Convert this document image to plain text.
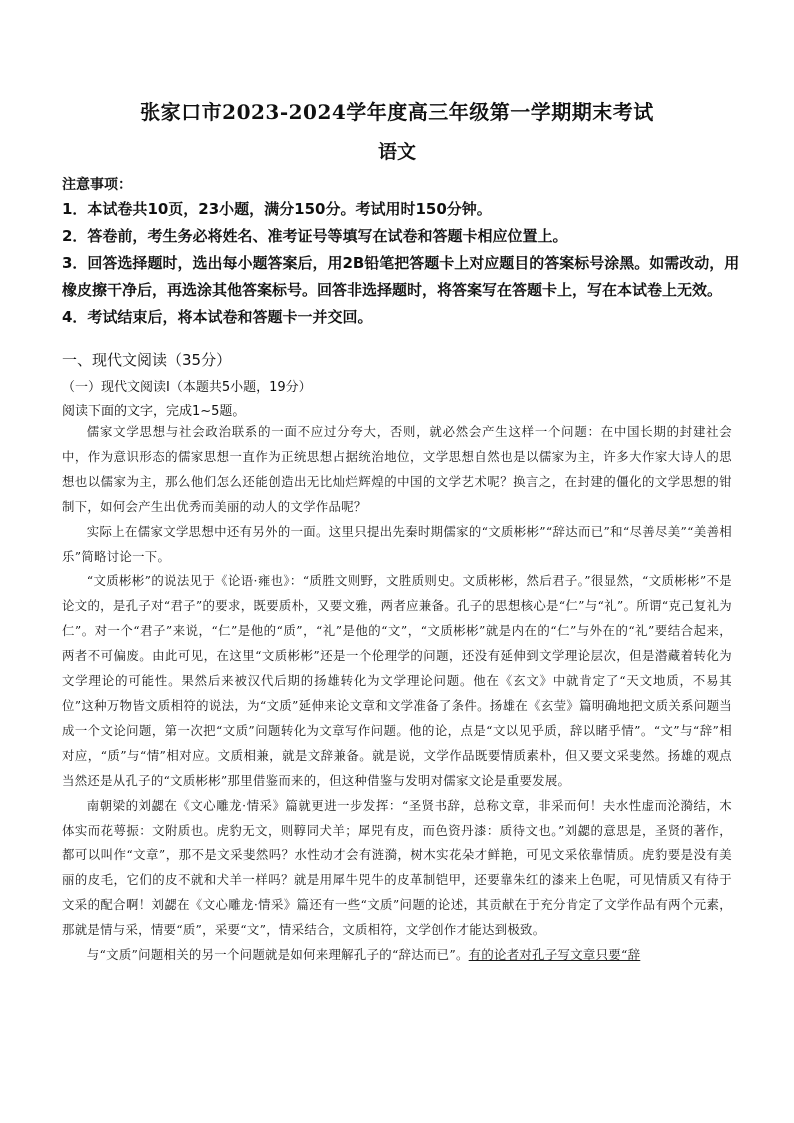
张家口市2023-2024学年度高三年级第一学期期末考试
语文
注意事项：

1．本试卷共10页，23小题，满分150分。考试用时150分钟。

2．答卷前，考生务必将姓名、准考证号等填写在试卷和答题卡相应位置上。

3．回答选择题时，选出每小题答案后，用2B铅笔把答题卡上对应题目的答案标号涂黑。如需改动，用橡皮擦干净后，再选涂其他答案标号。回答非选择题时，将答案写在答题卡上，写在本试卷上无效。

4．考试结束后，将本试卷和答题卡一并交回。

一、现代文阅读（35分）
（一）现代文阅读Ⅰ（本题共5小题，19分）
阅读下面的文字，完成1~5题。

儒家文学思想与社会政治联系的一面不应过分夸大，否则，就必然会产生这样一个问题：在中国长期的封建社会中，作为意识形态的儒家思想一直作为正统思想占据统治地位，文学思想自然也是以儒家为主，许多大作家大诗人的思想也以儒家为主，那么他们怎么还能创造出无比灿烂辉煌的中国的文学艺术呢？换言之，在封建的僵化的文学思想的钳制下，如何会产生出优秀而美丽的动人的文学作品呢？

实际上在儒家文学思想中还有另外的一面。这里只提出先秦时期儒家的“文质彬彬”“辞达而已”和“尽善尽美”“美善相乐”简略讨论一下。

“文质彬彬”的说法见于《论语·雍也》：“质胜文则野，文胜质则史。文质彬彬，然后君子。”很显然，“文质彬彬”不是论文的，是孔子对“君子”的要求，既要质朴，又要文雅，两者应兼备。孔子的思想核心是“仁”与“礼”。所谓“克己复礼为仁”。对一个“君子”来说，“仁”是他的“质”，“礼”是他的“文”，“文质彬彬”就是内在的“仁”与外在的“礼”要结合起来，两者不可偏废。由此可见，在这里“文质彬彬”还是一个伦理学的问题，还没有延伸到文学理论层次，但是潜藏着转化为文学理论的可能性。果然后来被汉代后期的扬雄转化为文学理论问题。他在《玄文》中就肯定了“天文地质，不易其位”这种万物皆文质相符的说法，为“文质”延伸来论文章和文学准备了条件。扬雄在《玄莹》篇明确地把文质关系问题当成一个文论问题，第一次把“文质”问题转化为文章写作问题。他的论，点是“文以见乎质，辞以睹乎情”。“文”与“辞”相对应，“质”与“情”相对应。文质相兼，就是文辞兼备。就是说，文学作品既要情质素朴，但又要文采斐然。扬雄的观点当然还是从孔子的“文质彬彬”那里借鉴而来的，但这种借鉴与发明对儒家文论是重要发展。

南朝梁的刘勰在《文心雕龙·情采》篇就更进一步发挥：“圣贤书辞，总称文章，非采而何！夫水性虚而沦漪结，木体实而花萼振：文附质也。虎豹无文，则鞟同犬羊；犀兕有皮，而色资丹漆：质待文也。”刘勰的意思是，圣贤的著作，都可以叫作“文章”，那不是文采斐然吗？水性动才会有涟漪，树木实花朵才鲜艳，可见文采依靠情质。虎豹要是没有美丽的皮毛，它们的皮不就和犬羊一样吗？就是用犀牛兕牛的皮革制铠甲，还要靠朱红的漆来上色呢，可见情质又有待于文采的配合啊！刘勰在《文心雕龙·情采》篇还有一些“文质”问题的论述，其贡献在于充分肯定了文学作品有两个元素，那就是情与采，情要“质”，采要“文”，情采结合，文质相符，文学创作才能达到极致。

与“文质”问题相关的另一个问题就是如何来理解孔子的“辞达而已”。有的论者对孔子写文章只要“辞
